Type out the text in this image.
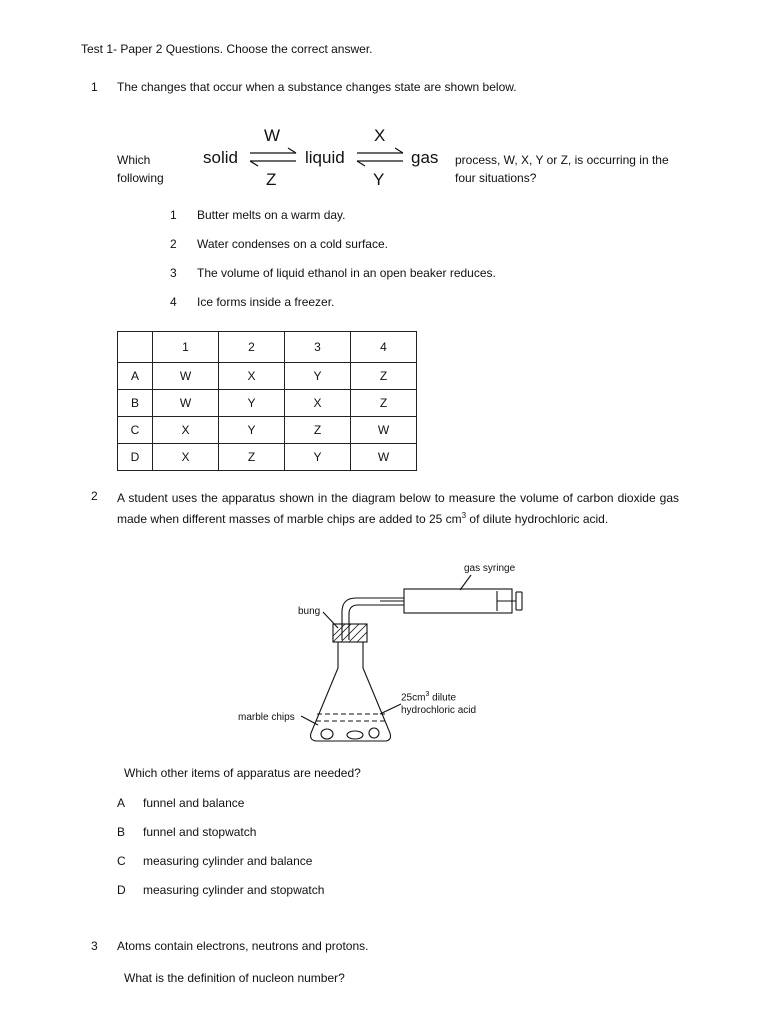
Test 1- Paper 2 Questions. Choose the correct answer.
1 The changes that occur when a substance changes state are shown below.
Which
following
W	X
solid	liquid	gas
Z	Y
process, W, X, Y or Z, is occurring in the
four situations?
1 Butter melts on a warm day.
2 Water condenses on a cold surface.
3 The volume of liquid ethanol in an open beaker reduces.
4 Ice forms inside a freezer.
	1	2	3	4
A	W	X	Y	Z
B	W	Y	X	Z
C	X	Y	Z	W
D	X	Z	Y	W
2 A student uses the apparatus shown in the diagram below to measure the volume of carbon dioxide gas made when different masses of marble chips are added to 25 $cm^3$ of dilute hydrochloric acid.
gas syringe
bung
$25cm^3$ dilute
hydrochloric acid
marble chips
Which other items of apparatus are needed?
A funnel and balance
B funnel and stopwatch
C measuring cylinder and balance
D measuring cylinder and stopwatch
3 Atoms contain electrons, neutrons and protons.
What is the definition of nucleon number?
